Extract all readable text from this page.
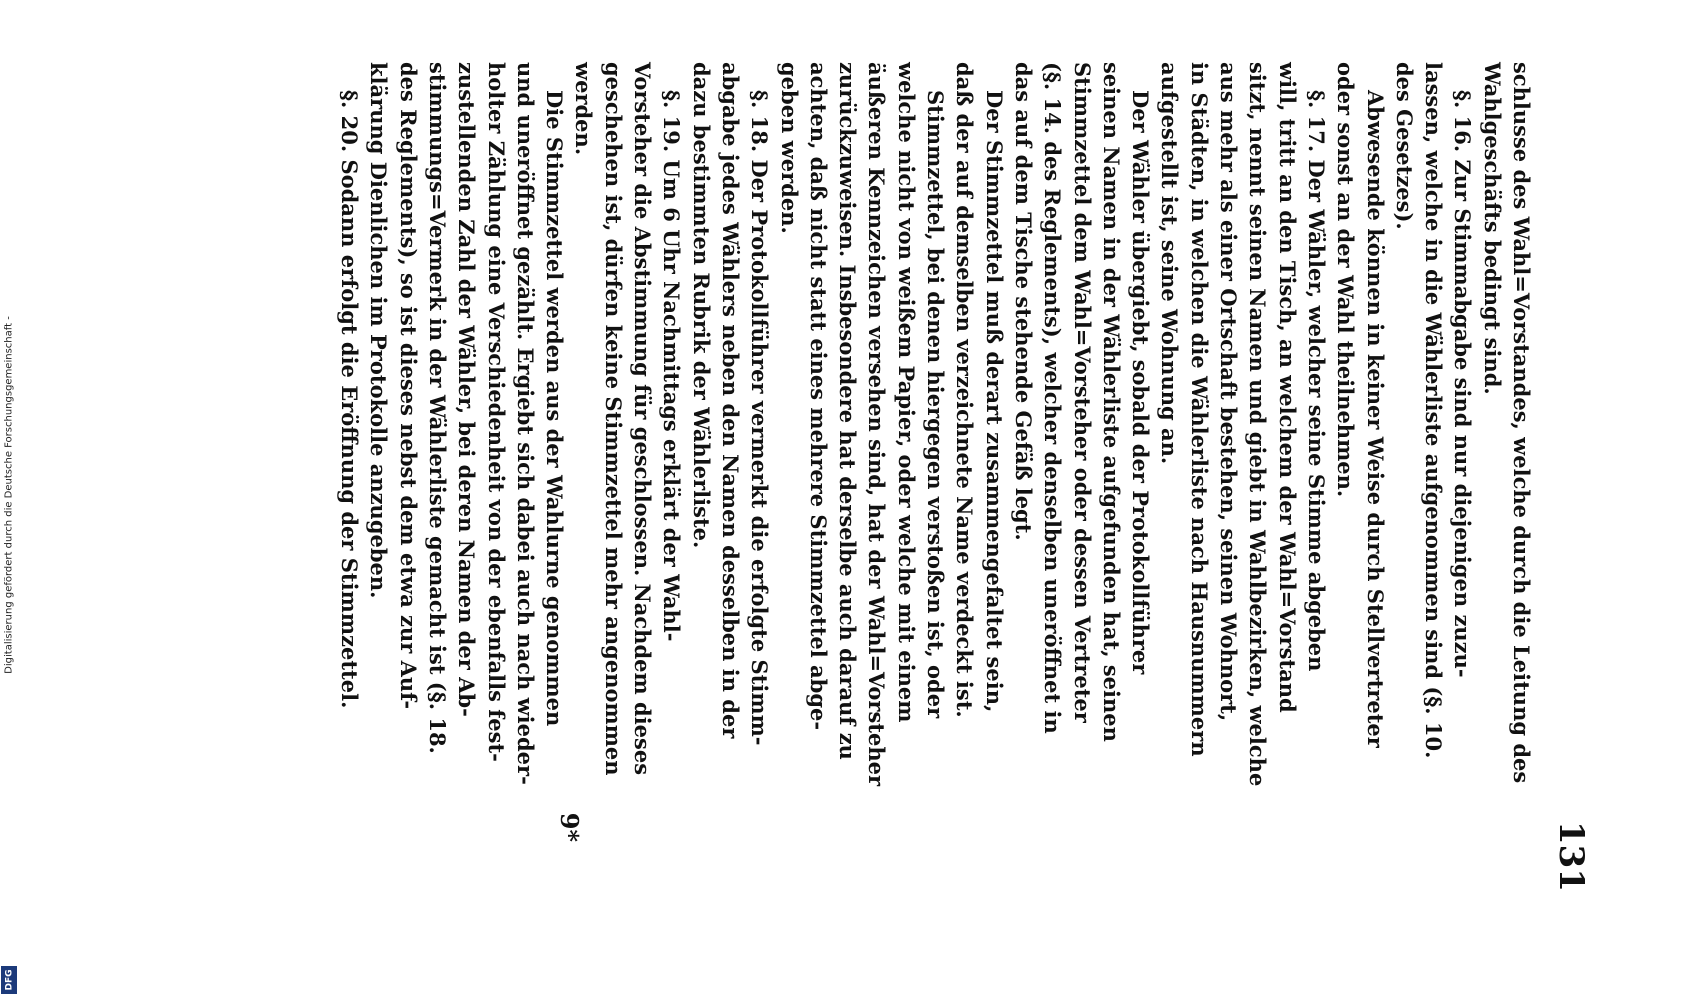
Digitalisierung gefördert durch die Deutsche Forschungsgemeinschaft -
DFG
131
schlusse des Wahl=Vorstandes, welche durch die Leitung des
Wahlgeschäfts bedingt sind.
§. 16. Zur Stimmabgabe sind nur diejenigen zuzu-
lassen, welche in die Wählerliste aufgenommen sind (§. 10.
des Gesetzes).
Abwesende können in keiner Weise durch Stellvertreter
oder sonst an der Wahl theilnehmen.
§. 17. Der Wähler, welcher seine Stimme abgeben
will, tritt an den Tisch, an welchem der Wahl=Vorstand
sitzt, nennt seinen Namen und giebt in Wahlbezirken, welche
aus mehr als einer Ortschaft bestehen, seinen Wohnort,
in Städten, in welchen die Wählerliste nach Hausnummern
aufgestellt ist, seine Wohnung an.
Der Wähler übergiebt, sobald der Protokollführer
seinen Namen in der Wählerliste aufgefunden hat, seinen
Stimmzettel dem Wahl=Vorsteher oder dessen Vertreter
(§. 14. des Reglements), welcher denselben uneröffnet in
das auf dem Tische stehende Gefäß legt.
Der Stimmzettel muß derart zusammengefaltet sein,
daß der auf demselben verzeichnete Name verdeckt ist.
Stimmzettel, bei denen hiergegen verstoßen ist, oder
welche nicht von weißem Papier, oder welche mit einem
äußeren Kennzeichen versehen sind, hat der Wahl=Vorsteher
zurückzuweisen. Insbesondere hat derselbe auch darauf zu
achten, daß nicht statt eines mehrere Stimmzettel abge-
geben werden.
§. 18. Der Protokollführer vermerkt die erfolgte Stimm-
abgabe jedes Wählers neben den Namen desselben in der
dazu bestimmten Rubrik der Wählerliste.
§. 19. Um 6 Uhr Nachmittags erklärt der Wahl-
Vorsteher die Abstimmung für geschlossen. Nachdem dieses
geschehen ist, dürfen keine Stimmzettel mehr angenommen
werden.
Die Stimmzettel werden aus der Wahlurne genommen
und uneröffnet gezählt. Ergiebt sich dabei auch nach wieder-
holter Zählung eine Verschiedenheit von der ebenfalls fest-
zustellenden Zahl der Wähler, bei deren Namen der Ab-
stimmungs=Vermerk in der Wählerliste gemacht ist (§. 18.
des Reglements), so ist dieses nebst dem etwa zur Auf-
klärung Dienlichen im Protokolle anzugeben.
§. 20. Sodann erfolgt die Eröffnung der Stimmzettel.
9*
